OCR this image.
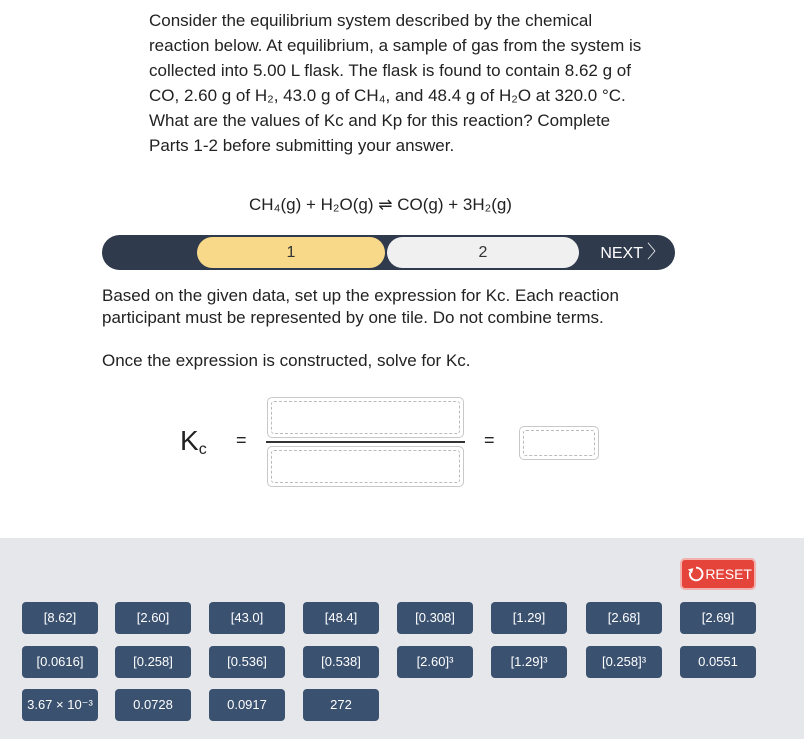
Consider the equilibrium system described by the chemical reaction below. At equilibrium, a sample of gas from the system is collected into 5.00 L flask. The flask is found to contain 8.62 g of CO, 2.60 g of H₂, 43.0 g of CH₄, and 48.4 g of H₂O at 320.0 °C. What are the values of Kc and Kp for this reaction? Complete Parts 1-2 before submitting your answer.
CH₄(g) + H₂O(g) ⇌ CO(g) + 3H₂(g)
1	2	NEXT 〉
Based on the given data, set up the expression for Kc. Each reaction participant must be represented by one tile. Do not combine terms.
Once the expression is constructed, solve for Kc.
$K_c$ =	=
RESET
[8.62]	[2.60]	[43.0]	[48.4]	[0.308]	[1.29]	[2.68]	[2.69]
[0.0616]	[0.258]	[0.536]	[0.538]	[2.60]³	[1.29]³	[0.258]³	0.0551
3.67 × 10⁻³	0.0728	0.0917	272
